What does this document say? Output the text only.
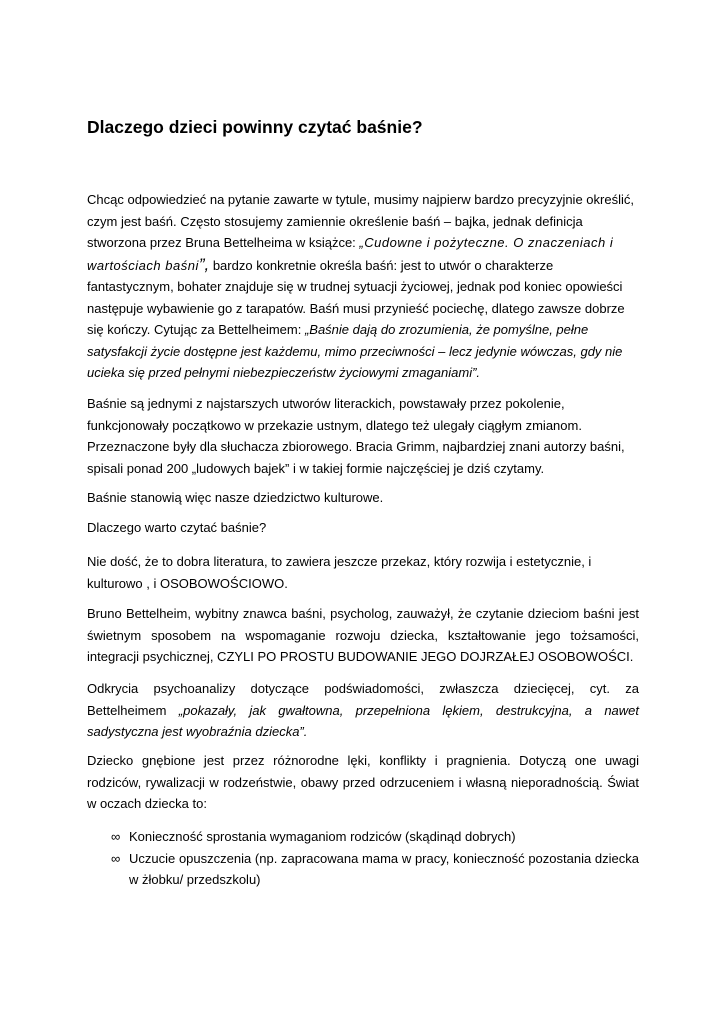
Dlaczego dzieci powinny czytać baśnie?
Chcąc odpowiedzieć na pytanie zawarte w tytule, musimy najpierw bardzo precyzyjnie określić, czym jest baśń. Często stosujemy zamiennie określenie baśń – bajka, jednak definicja stworzona przez Bruna Bettelheima w książce: „Cudowne i pożyteczne. O znaczeniach i wartościach baśni”, bardzo konkretnie określa baśń: jest to utwór o charakterze fantastycznym, bohater znajduje się w trudnej sytuacji życiowej, jednak pod koniec opowieści następuje wybawienie go z tarapatów. Baśń musi przynieść pociechę, dlatego zawsze dobrze się kończy. Cytując za Bettelheimem: „Baśnie dają do zrozumienia, że pomyślne, pełne satysfakcji życie dostępne jest każdemu, mimo przeciwności – lecz jedynie wówczas, gdy nie ucieka się przed pełnymi niebezpieczeństw życiowymi zmaganiami”.
Baśnie są jednymi z najstarszych utworów literackich, powstawały przez pokolenie, funkcjonowały początkowo w przekazie ustnym, dlatego też ulegały ciągłym zmianom. Przeznaczone były dla słuchacza zbiorowego. Bracia Grimm, najbardziej znani autorzy baśni, spisali ponad 200 „ludowych bajek” i w takiej formie najczęściej je dziś czytamy.
Baśnie stanowią więc nasze dziedzictwo kulturowe.
Dlaczego warto czytać baśnie?
Nie dość, że to dobra literatura, to zawiera jeszcze przekaz, który rozwija i estetycznie, i kulturowo , i OSOBOWOŚCIOWO.
Bruno Bettelheim, wybitny znawca baśni, psycholog, zauważył, że czytanie dzieciom baśni jest świetnym sposobem na wspomaganie rozwoju dziecka, kształtowanie jego tożsamości, integracji psychicznej, CZYLI PO PROSTU BUDOWANIE JEGO DOJRZAŁEJ OSOBOWOŚCI.
Odkrycia psychoanalizy dotyczące podświadomości, zwłaszcza dziecięcej, cyt. za Bettelheimem „pokazały, jak gwałtowna, przepełniona lękiem, destrukcyjna, a nawet sadystyczna jest wyobraźnia dziecka”.
Dziecko gnębione jest przez różnorodne lęki, konflikty i pragnienia. Dotyczą one uwagi rodziców, rywalizacji w rodzeństwie, obawy przed odrzuceniem i własną nieporadnością. Świat w oczach dziecka to:
∞ Konieczność sprostania wymaganiom rodziców (skądinąd dobrych)
∞ Uczucie opuszczenia (np. zapracowana mama w pracy, konieczność pozostania dziecka w żłobku/ przedszkolu)
